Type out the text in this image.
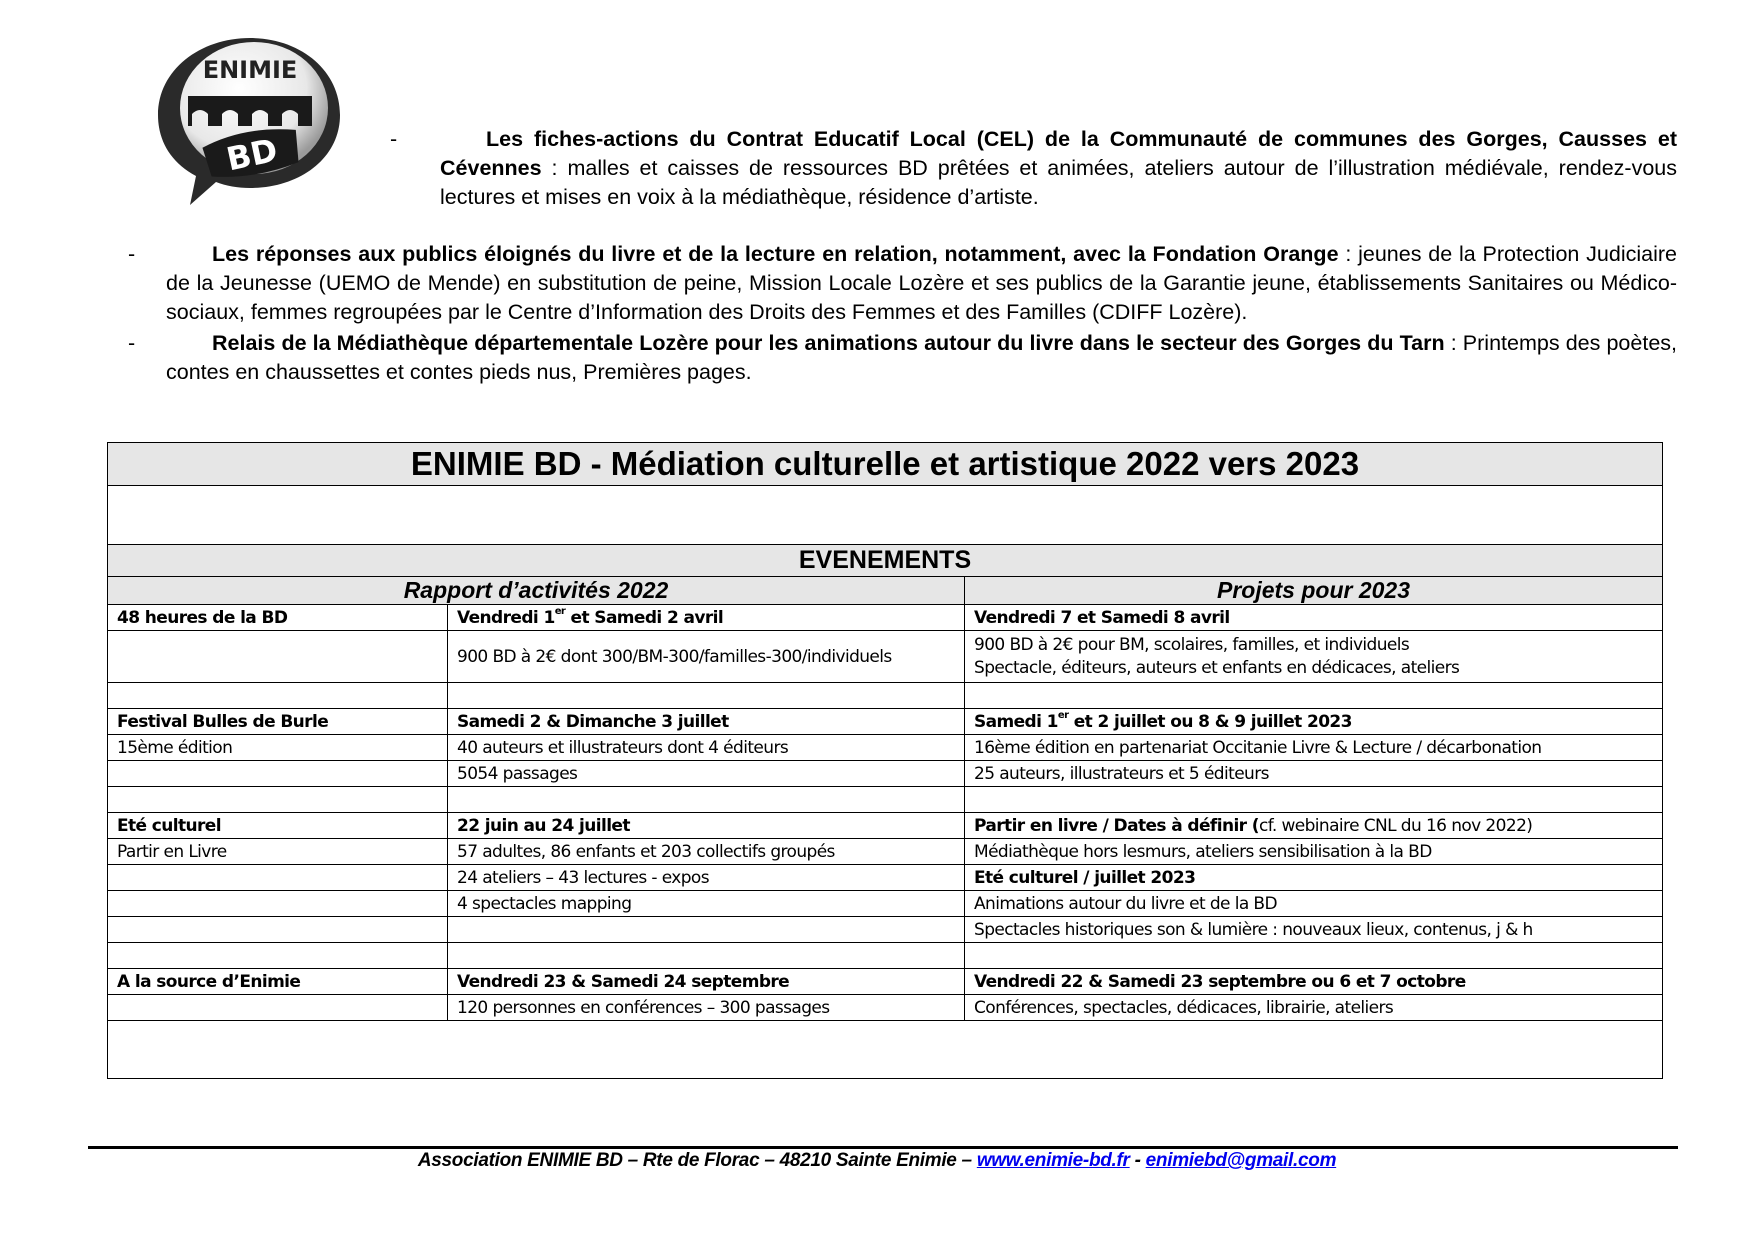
ENIMIE
BD	-	Les fiches-actions du Contrat Educatif Local (CEL) de la Communauté de communes des Gorges, Causses et Cévennes : malles et caisses de ressources BD prêtées et animées, ateliers autour de l’illustration médiévale, rendez-vous lectures et mises en voix à la médiathèque, résidence d’artiste.
-	Les réponses aux publics éloignés du livre et de la lecture en relation, notamment, avec la Fondation Orange : jeunes de la Protection Judiciaire de la Jeunesse (UEMO de Mende) en substitution de peine, Mission Locale Lozère et ses publics de la Garantie jeune, établissements Sanitaires ou Médico-sociaux, femmes regroupées par le Centre d’Information des Droits des Femmes et des Familles (CDIFF Lozère).
-	Relais de la Médiathèque départementale Lozère pour les animations autour du livre dans le secteur des Gorges du Tarn : Printemps des poètes, contes en chaussettes et contes pieds nus, Premières pages.
ENIMIE BD - Médiation culturelle et artistique 2022 vers 2023		

EVENEMENTS		
Rapport d’activités 2022		Projets pour 2023
48 heures de la BD	Vendredi 1er et Samedi 2 avril	Vendredi 7 et Samedi 8 avril
	900 BD à 2€ dont 300/BM-300/familles-300/individuels	900 BD à 2€ pour BM, scolaires, familles, et individuels
Spectacle, éditeurs, auteurs et enfants en dédicaces, ateliers

Festival Bulles de Burle	Samedi 2 & Dimanche 3 juillet	Samedi 1er et 2 juillet ou 8 & 9 juillet 2023
15ème édition	40 auteurs et illustrateurs dont 4 éditeurs	16ème édition en partenariat Occitanie Livre & Lecture / décarbonation
	5054 passages	25 auteurs, illustrateurs et 5 éditeurs

Eté culturel	22 juin au 24 juillet	Partir en livre / Dates à définir (cf. webinaire CNL du 16 nov 2022)
Partir en Livre	57 adultes, 86 enfants et 203 collectifs groupés	Médiathèque hors lesmurs, ateliers sensibilisation à la BD
	24 ateliers – 43 lectures - expos	Eté culturel / juillet 2023
	4 spectacles mapping	Animations autour du livre et de la BD
		Spectacles historiques son & lumière : nouveaux lieux, contenus, j & h

A la source d’Enimie	Vendredi 23 & Samedi 24 septembre	Vendredi 22 & Samedi 23 septembre ou 6 et 7 octobre
	120 personnes en conférences – 300 passages	Conférences, spectacles, dédicaces, librairie, ateliers

Association ENIMIE BD – Rte de Florac – 48210 Sainte Enimie – www.enimie-bd.fr - enimiebd@gmail.com
